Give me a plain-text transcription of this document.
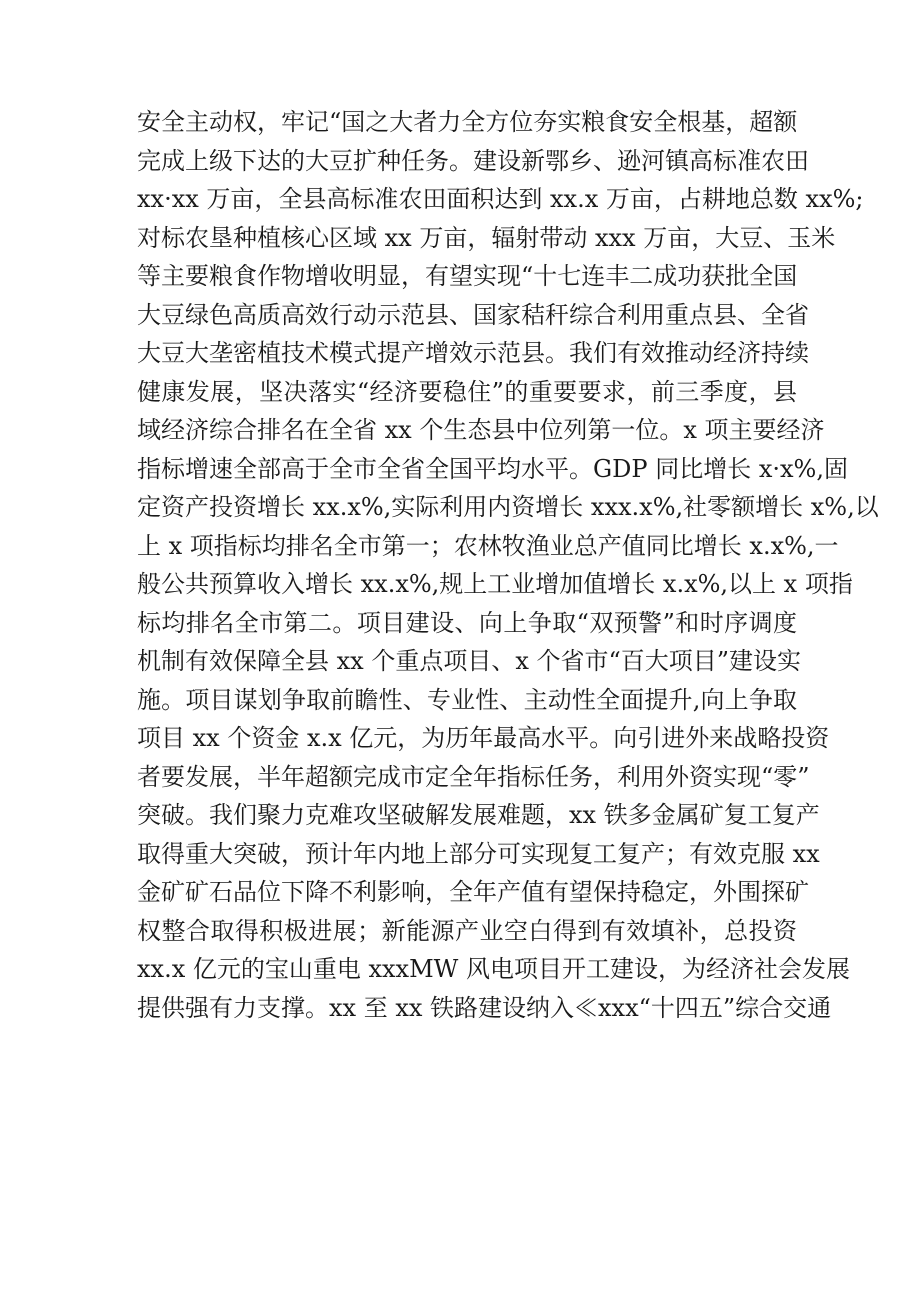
安全主动权，牢记“国之大者力全方位夯实粮食安全根基，超额
完成上级下达的大豆扩种任务。建设新鄂乡、逊河镇高标准农田
xx·xx 万亩，全县高标准农田面积达到 xx.x 万亩，占耕地总数 xx%;
对标农垦种植核心区域 xx 万亩，辐射带动 xxx 万亩，大豆、玉米
等主要粮食作物增收明显，有望实现“十七连丰二成功获批全国
大豆绿色高质高效行动示范县、国家秸秆综合利用重点县、全省
大豆大垄密植技术模式提产增效示范县。我们有效推动经济持续
健康发展，坚决落实“经济要稳住”的重要要求，前三季度，县
域经济综合排名在全省 xx 个生态县中位列第一位。x 项主要经济
指标增速全部高于全市全省全国平均水平。GDP 同比增长 x·x%,固
定资产投资增长 xx.x%,实际利用内资增长 xxx.x%,社零额增长 x%,以
上 x 项指标均排名全市第一；农林牧渔业总产值同比增长 x.x%,一
般公共预算收入增长 xx.x%,规上工业增加值增长 x.x%,以上 x 项指
标均排名全市第二。项目建设、向上争取“双预警”和时序调度
机制有效保障全县 xx 个重点项目、x 个省市“百大项目”建设实
施。项目谋划争取前瞻性、专业性、主动性全面提升,向上争取
项目 xx 个资金 x.x 亿元，为历年最高水平。向引进外来战略投资
者要发展，半年超额完成市定全年指标任务，利用外资实现“零”
突破。我们聚力克难攻坚破解发展难题，xx 铁多金属矿复工复产
取得重大突破，预计年内地上部分可实现复工复产；有效克服 xx
金矿矿石品位下降不利影响，全年产值有望保持稳定，外围探矿
权整合取得积极进展；新能源产业空白得到有效填补，总投资
xx.x 亿元的宝山重电 xxxMW 风电项目开工建设，为经济社会发展
提供强有力支撑。xx 至 xx 铁路建设纳入≪xxx“十四五”综合交通
